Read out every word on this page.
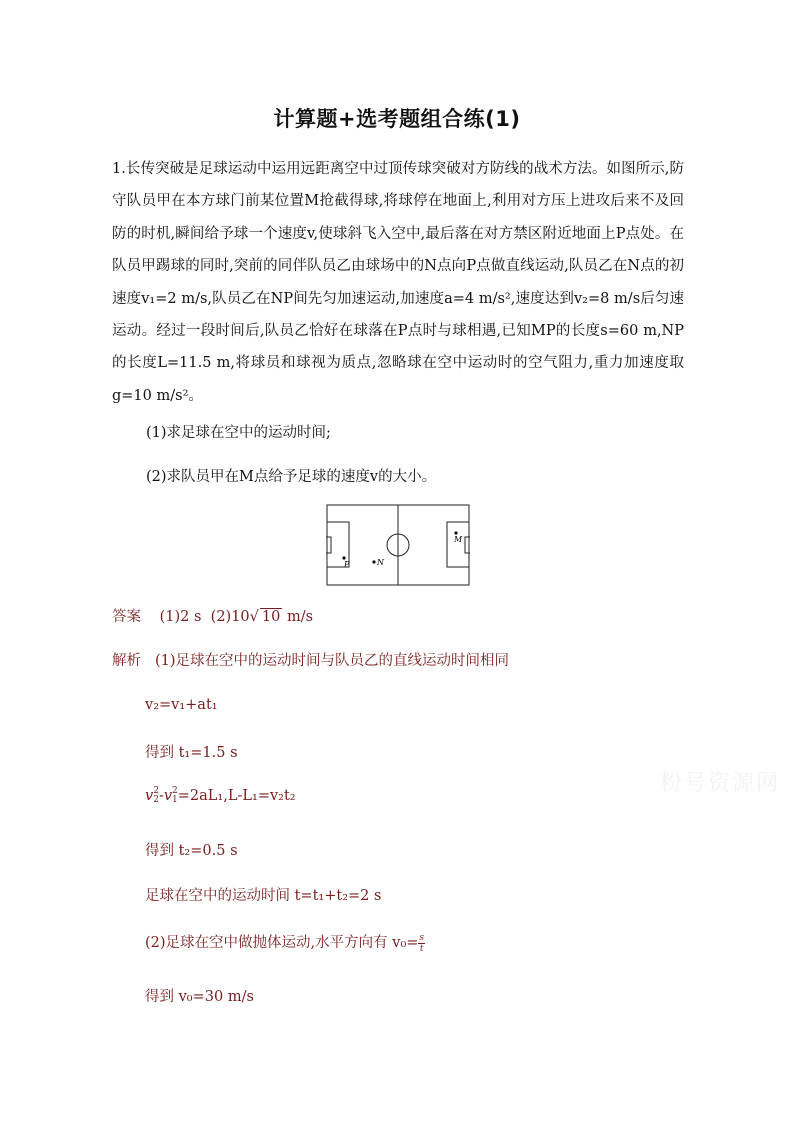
计算题+选考题组合练(1)

1.长传突破是足球运动中运用远距离空中过顶传球突破对方防线的战术方法。如图所示,防守队员甲在本方球门前某位置M抢截得球,将球停在地面上,利用对方压上进攻后来不及回防的时机,瞬间给予球一个速度v,使球斜飞入空中,最后落在对方禁区附近地面上P点处。在队员甲踢球的同时,突前的同伴队员乙由球场中的N点向P点做直线运动,队员乙在N点的初速度v₁=2 m/s,队员乙在NP间先匀加速运动,加速度a=4 m/s²,速度达到v₂=8 m/s后匀速运动。经过一段时间后,队员乙恰好在球落在P点时与球相遇,已知MP的长度s=60 m,NP的长度L=11.5 m,将球员和球视为质点,忽略球在空中运动时的空气阻力,重力加速度取g=10 m/s²。

(1)求足球在空中的运动时间;
(2)求队员甲在M点给予足球的速度v的大小。
P	N
M
答案 (1)2 s (2)10√ 10 m/s
解析 (1)足球在空中的运动时间与队员乙的直线运动时间相同
v₂=v₁+at₁
得到 t₁=1.5 s
v 2
2 -v 2
1 =2aL₁,L-L₁=v₂t₂
得到 t₂=0.5 s
足球在空中的运动时间 t=t₁+t₂=2 s
(2)足球在空中做抛体运动,水平方向有 $v_0= \frac{s}{t}$
得到 v₀=30 m/s
粉号资源网
